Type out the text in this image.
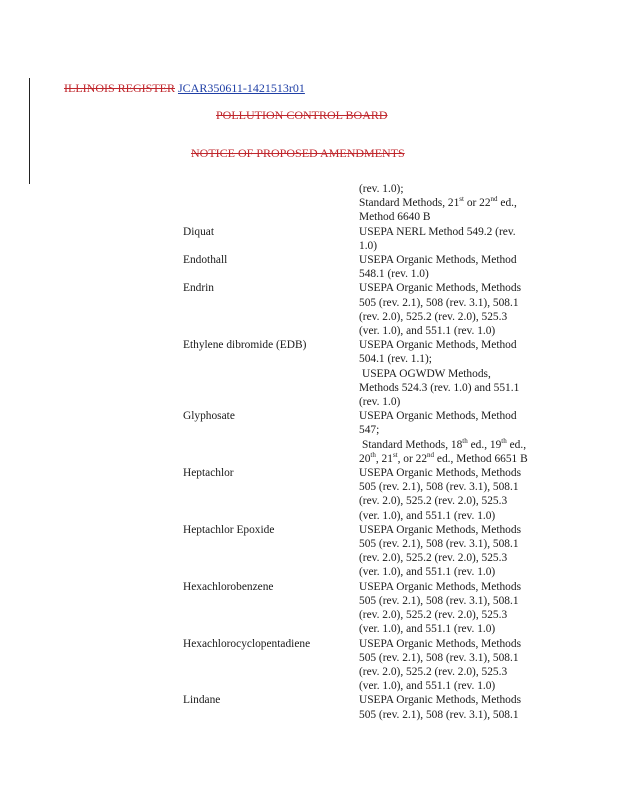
ILLINOIS REGISTER JCAR350611-1421513r01
POLLUTION CONTROL BOARD
NOTICE OF PROPOSED AMENDMENTS
(rev. 1.0);
Standard Methods, 21st or 22nd ed.,
Method 6640 B
Diquat	USEPA NERL Method 549.2 (rev.
1.0)
Endothall	USEPA Organic Methods, Method
548.1 (rev. 1.0)
Endrin	USEPA Organic Methods, Methods
505 (rev. 2.1), 508 (rev. 3.1), 508.1
(rev. 2.0), 525.2 (rev. 2.0), 525.3
(ver. 1.0), and 551.1 (rev. 1.0)
Ethylene dibromide (EDB)	USEPA Organic Methods, Method
504.1 (rev. 1.1);
USEPA OGWDW Methods,
Methods 524.3 (rev. 1.0) and 551.1
(rev. 1.0)
Glyphosate	USEPA Organic Methods, Method
547;
Standard Methods, 18th ed., 19th ed.,
20th, 21st, or 22nd ed., Method 6651 B
Heptachlor	USEPA Organic Methods, Methods
505 (rev. 2.1), 508 (rev. 3.1), 508.1
(rev. 2.0), 525.2 (rev. 2.0), 525.3
(ver. 1.0), and 551.1 (rev. 1.0)
Heptachlor Epoxide	USEPA Organic Methods, Methods
505 (rev. 2.1), 508 (rev. 3.1), 508.1
(rev. 2.0), 525.2 (rev. 2.0), 525.3
(ver. 1.0), and 551.1 (rev. 1.0)
Hexachlorobenzene	USEPA Organic Methods, Methods
505 (rev. 2.1), 508 (rev. 3.1), 508.1
(rev. 2.0), 525.2 (rev. 2.0), 525.3
(ver. 1.0), and 551.1 (rev. 1.0)
Hexachlorocyclopentadiene	USEPA Organic Methods, Methods
505 (rev. 2.1), 508 (rev. 3.1), 508.1
(rev. 2.0), 525.2 (rev. 2.0), 525.3
(ver. 1.0), and 551.1 (rev. 1.0)
Lindane	USEPA Organic Methods, Methods
505 (rev. 2.1), 508 (rev. 3.1), 508.1
